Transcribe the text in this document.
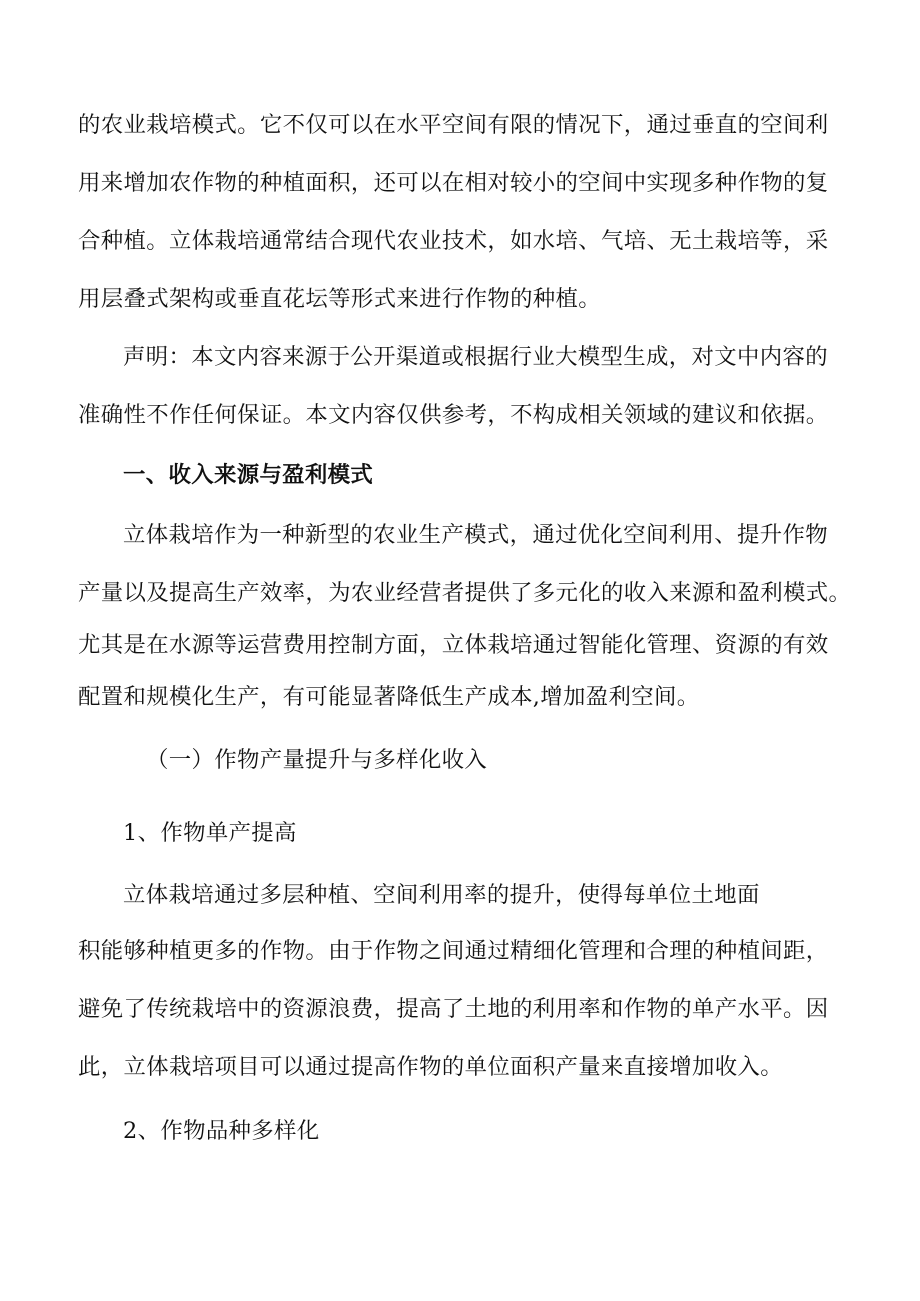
的农业栽培模式。它不仅可以在水平空间有限的情况下，通过垂直的空间利
用来增加农作物的种植面积，还可以在相对较小的空间中实现多种作物的复
合种植。立体栽培通常结合现代农业技术，如水培、气培、无土栽培等，采
用层叠式架构或垂直花坛等形式来进行作物的种植。
声明：本文内容来源于公开渠道或根据行业大模型生成，对文中内容的
准确性不作任何保证。本文内容仅供参考，不构成相关领域的建议和依据。
一、收入来源与盈利模式
立体栽培作为一种新型的农业生产模式，通过优化空间利用、提升作物
产量以及提高生产效率，为农业经营者提供了多元化的收入来源和盈利模式。
尤其是在水源等运营费用控制方面，立体栽培通过智能化管理、资源的有效
配置和规模化生产，有可能显著降低生产成本,增加盈利空间。
（一）作物产量提升与多样化收入
1、作物单产提高
立体栽培通过多层种植、空间利用率的提升，使得每单位土地面
积能够种植更多的作物。由于作物之间通过精细化管理和合理的种植间距，
避免了传统栽培中的资源浪费，提高了土地的利用率和作物的单产水平。因
此，立体栽培项目可以通过提高作物的单位面积产量来直接增加收入。
2、作物品种多样化
